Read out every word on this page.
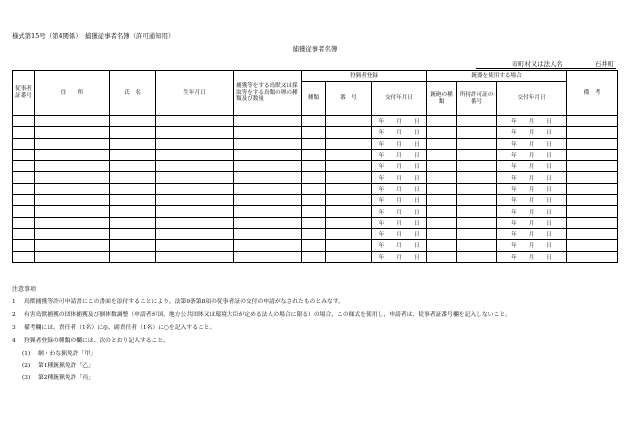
様式第15号（第4関係）　捕獲従事者名簿（許可通知用）
捕獲従事者名簿
市町村又は法人名	石井町
従事者証番号	住　　所	氏　名	生年月日	捕獲等をする鳥獣又は採取等をする鳥類の卵の種類及び数量	狩猟者登録			銃器を使用する場合			備　考
					種類	番　号	交付年月日	銃砲の種　類	所持許可証の番号	交付年月日	
							年 月 日			年 月 日	
							年 月 日			年 月 日	
							年 月 日			年 月 日	
							年 月 日			年 月 日	
							年 月 日			年 月 日	
							年 月 日			年 月 日	
							年 月 日			年 月 日	
							年 月 日			年 月 日	
							年 月 日			年 月 日	
							年 月 日			年 月 日	
							年 月 日			年 月 日	
							年 月 日			年 月 日	
							年 月 日			年 月 日	
注意事項
1 鳥獣捕獲等許可申請書にこの書面を添付することにより、法第9条第8項の従事者証の交付の申請がなされたものとみなす。
2 有害鳥獣捕獲の団体捕獲及び個体数調整（申請者が国、地方公共団体又は環境大臣が定める法人の場合に限る）の場合、この様式を使用し、申請者は、従事者証番号欄を記入しないこと。
3 備考欄には、責任者（1名）に◎、副責任者（1名）に○を記入すること。
4 狩猟者登録の種類の欄には、次のとおり記入すること。
(1) 網・わな猟免許「甲」
(2) 第1種銃猟免許「乙」
(3) 第2種銃猟免許「丙」
